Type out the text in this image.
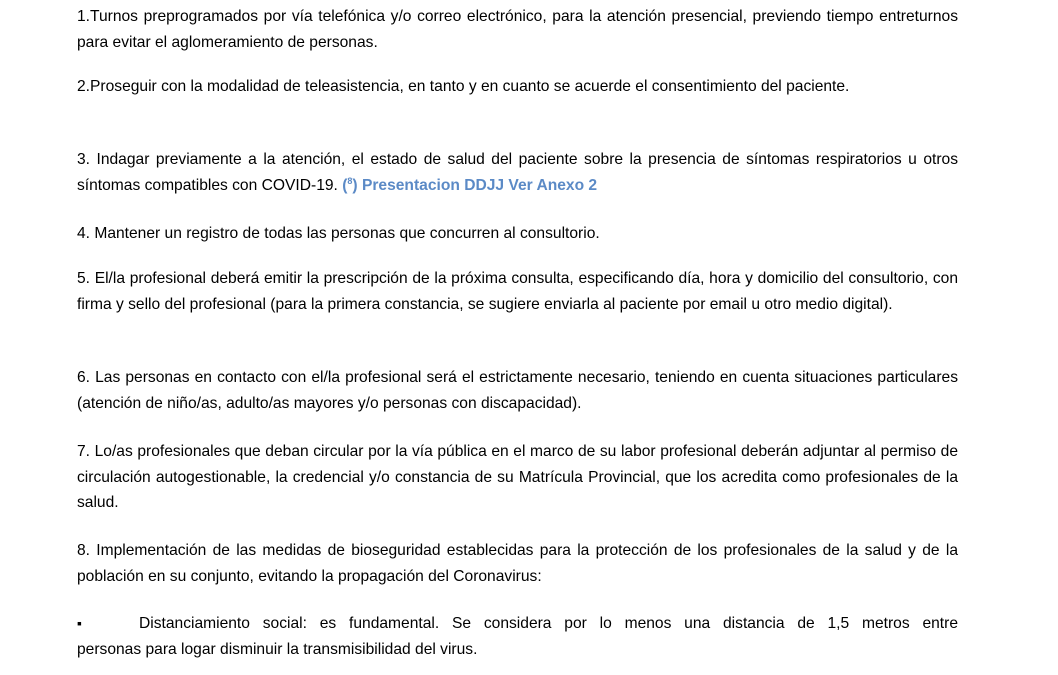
1.Turnos preprogramados por vía telefónica y/o correo electrónico, para la atención presencial, previendo tiempo entreturnos para evitar el aglomeramiento de personas.

2.Proseguir con la modalidad de teleasistencia, en tanto y en cuanto se acuerde el consentimiento del paciente.

3. Indagar previamente a la atención, el estado de salud del paciente sobre la presencia de síntomas respiratorios u otros síntomas compatibles con COVID-19. ($^8$) Presentacion DDJJ Ver Anexo 2

4. Mantener un registro de todas las personas que concurren al consultorio.

5. El/la profesional deberá emitir la prescripción de la próxima consulta, especificando día, hora y domicilio del consultorio, con firma y sello del profesional (para la primera constancia, se sugiere enviarla al paciente por email u otro medio digital).

6. Las personas en contacto con el/la profesional será el estrictamente necesario, teniendo en cuenta situaciones particulares (atención de niño/as, adulto/as mayores y/o personas con discapacidad).

7. Lo/as profesionales que deban circular por la vía pública en el marco de su labor profesional deberán adjuntar al permiso de circulación autogestionable, la credencial y/o constancia de su Matrícula Provincial, que los acredita como profesionales de la salud.

8. Implementación de las medidas de bioseguridad establecidas para la protección de los profesionales de la salud y de la población en su conjunto, evitando la propagación del Coronavirus:

▪	Distanciamiento social: es fundamental. Se considera por lo menos una distancia de 1,5 metros entre
personas para logar disminuir la transmisibilidad del virus.
